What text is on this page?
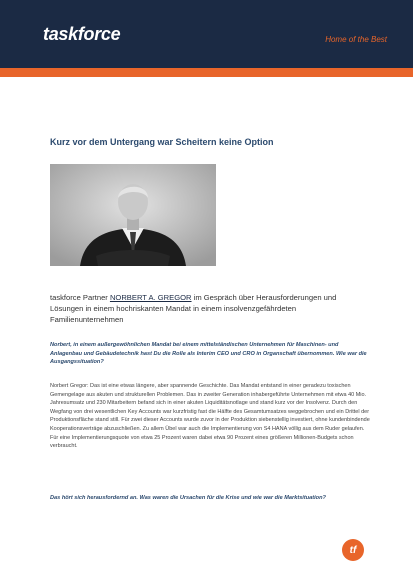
taskforce	Home of the Best
Kurz vor dem Untergang war Scheitern keine Option
taskforce Partner NORBERT A. GREGOR im Gespräch über Herausforderungen und Lösungen in einem hochriskanten Mandat in einem insolvenzgefährdeten Familienunternehmen
Norbert, in einem außergewöhnlichen Mandat bei einem mittelständischen Unternehmen für Maschinen- und Anlagenbau und Gebäudetechnik hast Du die Rolle als Interim CEO und CRO in Organschaft übernommen. Wie war die Ausgangssituation?
Norbert Gregor: Das ist eine etwas längere, aber spannende Geschichte. Das Mandat entstand in einer geradezu toxischen Gemengelage aus akuten und strukturellen Problemen. Das in zweiter Generation inhabergeführte Unternehmen mit etwa 40 Mio. Jahresumsatz und 230 Mitarbeitern befand sich in einer akuten Liquiditätsnotlage und stand kurz vor der Insolvenz. Durch den Wegfang von drei wesentlichen Key Accounts war kurzfristig fast die Hälfte des Gesamtumsatzes weggebrochen und ein Drittel der Produktionsfläche stand still. Für zwei dieser Accounts wurde zuvor in der Produktion siebenstellig investiert, ohne kundenbindende Kooperationsverträge abzuschließen. Zu allem Übel war auch die Implementierung von S4 HANA völlig aus dem Ruder gelaufen. Für eine Implementierungsquote von etwa 25 Prozent waren dabei etwa 90 Prozent eines größeren Millionen-Budgets schon verbraucht.
Das hört sich herausfordernd an. Was waren die Ursachen für die Krise und wie war die Marktsituation?
tf
